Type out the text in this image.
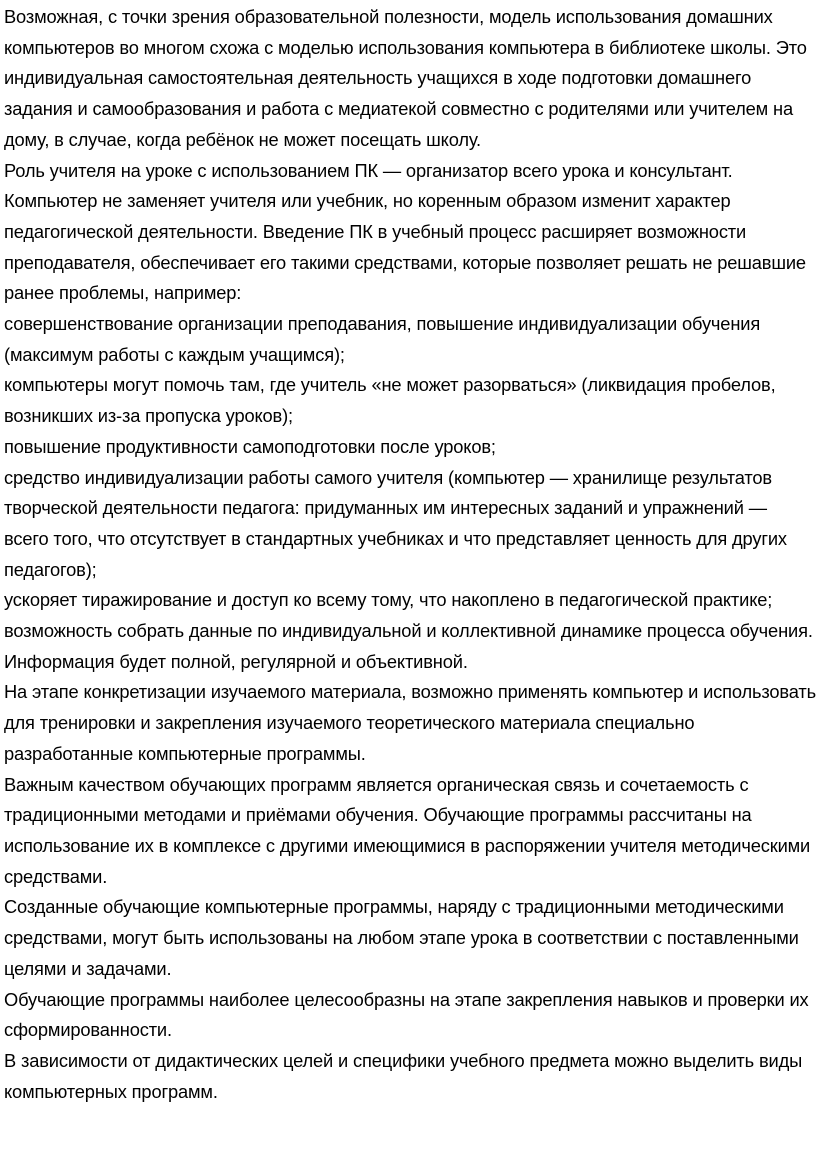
Возможная, с точки зрения образовательной полезности, модель использования домашних компьютеров во многом схожа с моделью использования компьютера в библиотеке школы. Это индивидуальная самостоятельная деятельность учащихся в ходе подготовки домашнего задания и самообразования и работа с медиатекой совместно с родителями или учителем на дому, в случае, когда ребёнок не может посещать школу.

Роль учителя на уроке с использованием ПК — организатор всего урока и консультант. Компьютер не заменяет учителя или учебник, но коренным образом изменит характер педагогической деятельности. Введение ПК в учебный процесс расширяет возможности преподавателя, обеспечивает его такими средствами, которые позволяет решать не решавшие ранее проблемы, например:

совершенствование организации преподавания, повышение индивидуализации обучения (максимум работы с каждым учащимся);

компьютеры могут помочь там, где учитель «не может разорваться» (ликвидация пробелов, возникших из-за пропуска уроков);

повышение продуктивности самоподготовки после уроков;

средство индивидуализации работы самого учителя (компьютер — хранилище результатов творческой деятельности педагога: придуманных им интересных заданий и упражнений — всего того, что отсутствует в стандартных учебниках и что представляет ценность для других педагогов);

ускоряет тиражирование и доступ ко всему тому, что накоплено в педагогической практике;

возможность собрать данные по индивидуальной и коллективной динамике процесса обучения. Информация будет полной, регулярной и объективной.

На этапе конкретизации изучаемого материала, возможно применять компьютер и использовать для тренировки и закрепления изучаемого теоретического материала специально разработанные компьютерные программы.

Важным качеством обучающих программ является органическая связь и сочетаемость с традиционными методами и приёмами обучения. Обучающие программы рассчитаны на использование их в комплексе с другими имеющимися в распоряжении учителя методическими средствами.

Созданные обучающие компьютерные программы, наряду с традиционными методическими средствами, могут быть использованы на любом этапе урока в соответствии с поставленными целями и задачами.

Обучающие программы наиболее целесообразны на этапе закрепления навыков и проверки их сформированности.

В зависимости от дидактических целей и специфики учебного предмета можно выделить виды компьютерных программ.
